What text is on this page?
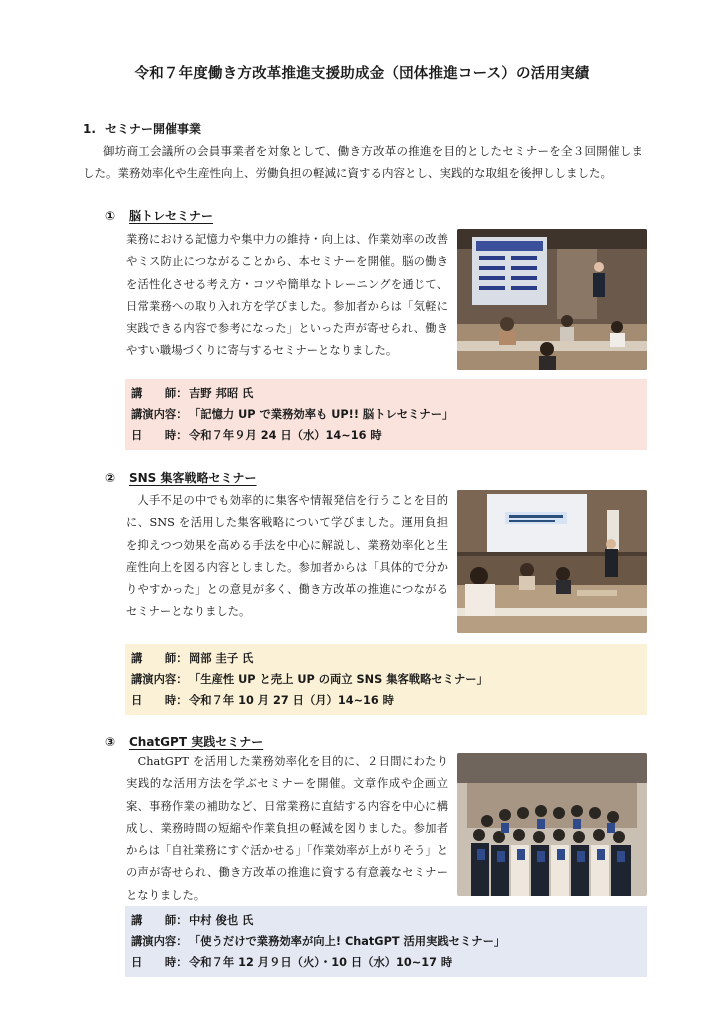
令和７年度働き方改革推進支援助成金（団体推進コース）の活用実績
1. セミナー開催事業
御坊商工会議所の会員事業者を対象として、働き方改革の推進を目的としたセミナーを全３回開催しました。業務効率化や生産性向上、労働負担の軽減に資する内容とし、実践的な取組を後押ししました。
① 脳トレセミナー
業務における記憶力や集中力の維持・向上は、作業効率の改善やミス防止につながることから、本セミナーを開催。脳の働きを活性化させる考え方・コツや簡単なトレーニングを通じて、日常業務への取り入れ方を学びました。参加者からは「気軽に実践できる内容で参考になった」といった声が寄せられ、働きやすい職場づくりに寄与するセミナーとなりました。
講　　師： 吉野 邦昭 氏
講演内容： 「記憶力 UP で業務効率も UP!! 脳トレセミナー」
日　　時： 令和７年９月 24 日（水）14~16 時
② SNS 集客戦略セミナー
　人手不足の中でも効率的に集客や情報発信を行うことを目的に、SNS を活用した集客戦略について学びました。運用負担を抑えつつ効果を高める手法を中心に解説し、業務効率化と生産性向上を図る内容としました。参加者からは「具体的で分かりやすかった」との意見が多く、働き方改革の推進につながるセミナーとなりました。
講　　師： 岡部 圭子 氏
講演内容： 「生産性 UP と売上 UP の両立 SNS 集客戦略セミナー」
日　　時： 令和７年 10 月 27 日（月）14~16 時
③ ChatGPT 実践セミナー
　ChatGPT を活用した業務効率化を目的に、２日間にわたり実践的な活用方法を学ぶセミナーを開催。文章作成や企画立案、事務作業の補助など、日常業務に直結する内容を中心に構成し、業務時間の短縮や作業負担の軽減を図りました。参加者からは「自社業務にすぐ活かせる」「作業効率が上がりそう」との声が寄せられ、働き方改革の推進に資する有意義なセミナーとなりました。
講　　師： 中村 俊也 氏
講演内容： 「使うだけで業務効率が向上! ChatGPT 活用実践セミナー」
日　　時： 令和７年 12 月９日（火）・10 日（水）10~17 時
